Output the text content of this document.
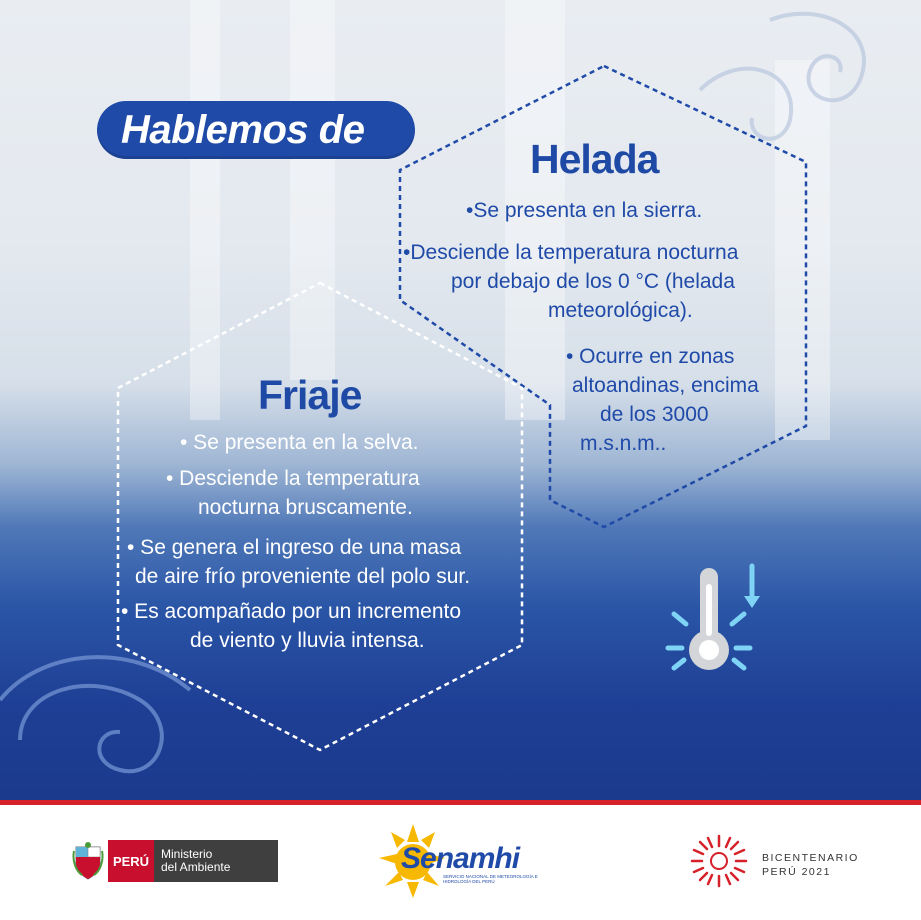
Hablemos de
Helada
•Se presenta en la sierra.
•Desciende la temperatura nocturna
por debajo de los 0 °C (helada
meteorológica).
• Ocurre en zonas
altoandinas, encima
de los 3000
m.s.n.m..
Friaje
• Se presenta en la selva.
• Desciende la temperatura
nocturna bruscamente.
• Se genera el ingreso de una masa
de aire frío proveniente del polo sur.
• Es acompañado por un incremento
de viento y lluvia intensa.
PERÚ Ministerio
del Ambiente	Senamhi
SERVICIO NACIONAL DE METEOROLOGÍA E HIDROLOGÍA DEL PERÚ
BICENTENARIO
PERÚ 2021
